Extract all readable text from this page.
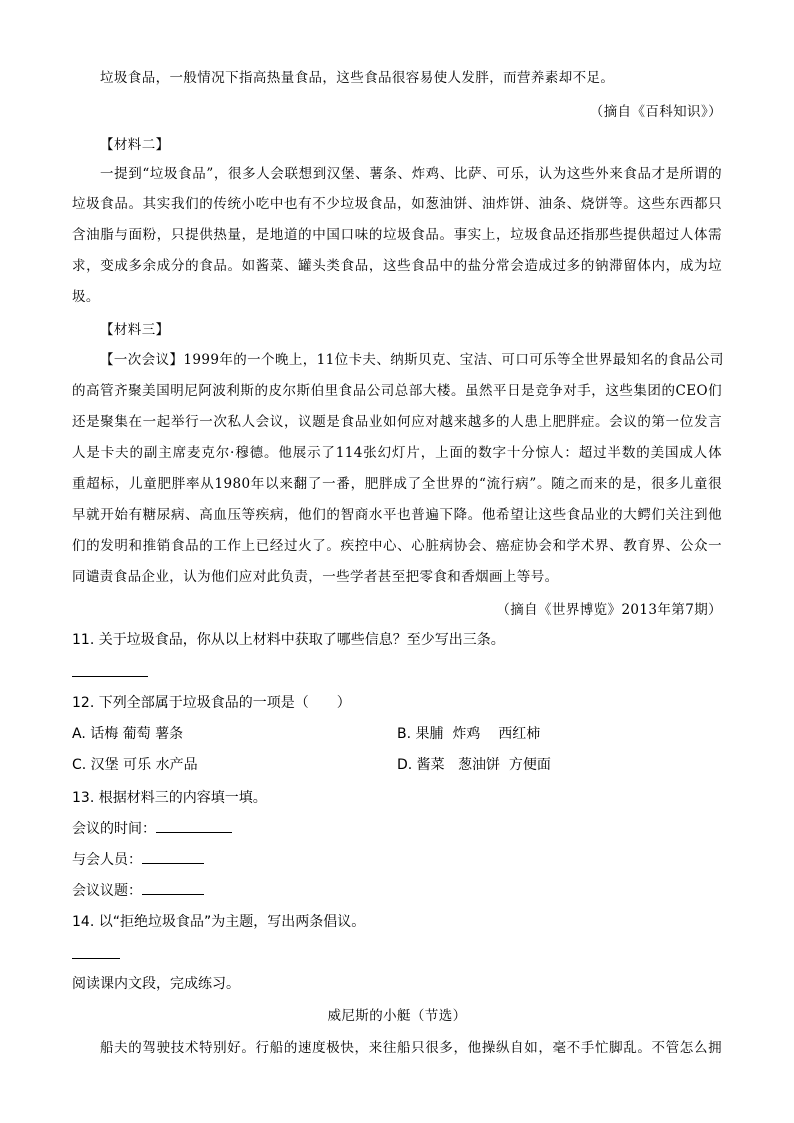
垃圾食品，一般情况下指高热量食品，这些食品很容易使人发胖，而营养素却不足。
（摘自《百科知识》）
【材料二】
一提到“垃圾食品”，很多人会联想到汉堡、薯条、炸鸡、比萨、可乐，认为这些外来食品才是所谓的
垃圾食品。其实我们的传统小吃中也有不少垃圾食品，如葱油饼、油炸饼、油条、烧饼等。这些东西都只
含油脂与面粉，只提供热量，是地道的中国口味的垃圾食品。事实上，垃圾食品还指那些提供超过人体需
求，变成多余成分的食品。如酱菜、罐头类食品，这些食品中的盐分常会造成过多的钠滞留体内，成为垃
圾。
【材料三】
【一次会议】1999年的一个晚上，11位卡夫、纳斯贝克、宝洁、可口可乐等全世界最知名的食品公司
的高管齐聚美国明尼阿波利斯的皮尔斯伯里食品公司总部大楼。虽然平日是竞争对手，这些集团的CEO们
还是聚集在一起举行一次私人会议，议题是食品业如何应对越来越多的人患上肥胖症。会议的第一位发言
人是卡夫的副主席麦克尔·穆德。他展示了114张幻灯片，上面的数字十分惊人：超过半数的美国成人体
重超标，儿童肥胖率从1980年以来翻了一番，肥胖成了全世界的“流行病”。随之而来的是，很多儿童很
早就开始有糖尿病、高血压等疾病，他们的智商水平也普遍下降。他希望让这些食品业的大鳄们关注到他
们的发明和推销食品的工作上已经过火了。疾控中心、心脏病协会、癌症协会和学术界、教育界、公众一
同谴责食品企业，认为他们应对此负责，一些学者甚至把零食和香烟画上等号。
（摘自《世界博览》2013年第7期）
11. 关于垃圾食品，你从以上材料中获取了哪些信息？至少写出三条。
12. 下列全部属于垃圾食品的一项是（　　）
A. 话梅 葡萄 薯条	B. 果脯  炸鸡    西红柿
C. 汉堡 可乐 水产品	D. 酱菜   葱油饼  方便面
13. 根据材料三的内容填一填。
会议的时间：
与会人员：
会议议题：
14. 以“拒绝垃圾食品”为主题，写出两条倡议。
阅读课内文段，完成练习。
威尼斯的小艇（节选）
船夫的驾驶技术特别好。行船的速度极快，来往船只很多，他操纵自如，毫不手忙脚乱。不管怎么拥
